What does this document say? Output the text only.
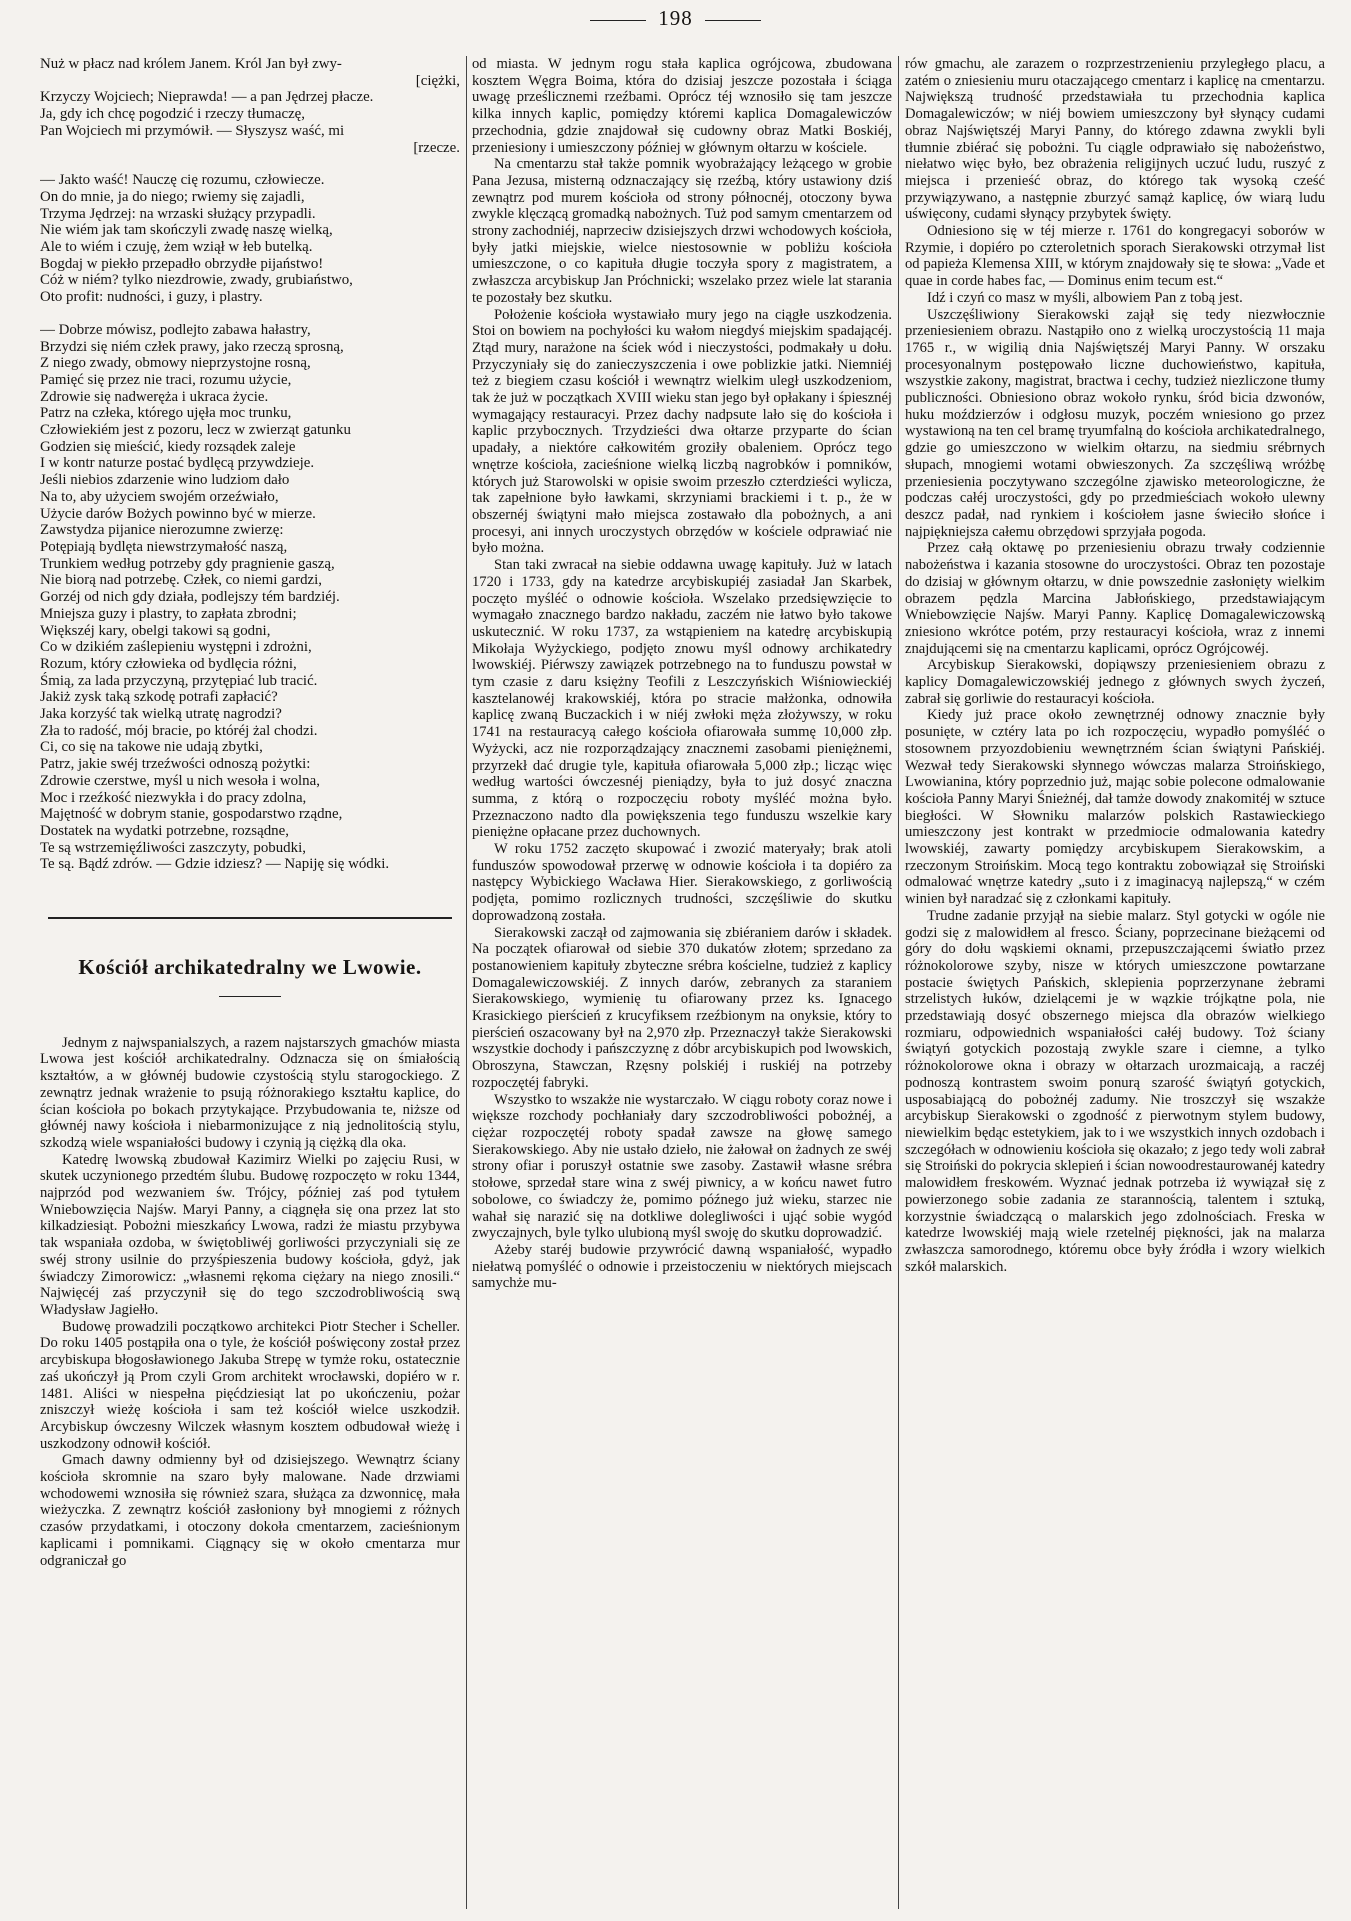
198

Nuż w płacz nad królem Janem. Król Jan był zwy-

[ciężki,

Krzyczy Wojciech; Nieprawda! — a pan Jędrzej płacze.

Ja, gdy ich chcę pogodzić i rzeczy tłumaczę,

Pan Wojciech mi przymówił. — Słyszysz waść, mi

[rzecze.

— Jakto waść! Nauczę cię rozumu, człowiecze.

On do mnie, ja do niego; rwiemy się zajadli,

Trzyma Jędrzej: na wrzaski służący przypadli.

Nie wiém jak tam skończyli zwadę naszę wielką,

Ale to wiém i czuję, żem wziął w łeb butelką.

Bogdaj w piekło przepadło obrzydłe pijaństwo!

Cóż w niém? tylko niezdrowie, zwady, grubiaństwo,

Oto profit: nudności, i guzy, i plastry.

— Dobrze mówisz, podlejto zabawa hałastry,

Brzydzi się niém człek prawy, jako rzeczą sprosną,

Z niego zwady, obmowy nieprzystojne rosną,

Pamięć się przez nie traci, rozumu użycie,

Zdrowie się nadweręża i ukraca życie.

Patrz na człeka, którego ujęła moc trunku,

Człowiekiém jest z pozoru, lecz w zwierząt gatunku

Godzien się mieścić, kiedy rozsądek zaleje

I w kontr naturze postać bydlęcą przywdzieje.

Jeśli niebios zdarzenie wino ludziom dało

Na to, aby użyciem swojém orzeźwiało,

Użycie darów Bożych powinno być w mierze.

Zawstydza pijanice nierozumne zwierzę:

Potępiają bydlęta niewstrzymałość naszą,

Trunkiem według potrzeby gdy pragnienie gaszą,

Nie biorą nad potrzebę. Człek, co niemi gardzi,

Gorzéj od nich gdy działa, podlejszy tém bardziéj.

Mniejsza guzy i plastry, to zapłata zbrodni;

Większéj kary, obelgi takowi są godni,

Co w dzikiém zaślepieniu występni i zdrożni,

Rozum, który człowieka od bydlęcia różni,

Śmią, za lada przyczyną, przytępiać lub tracić.

Jakiż zysk taką szkodę potrafi zapłacić?

Jaka korzyść tak wielką utratę nagrodzi?

Zła to radość, mój bracie, po któréj żal chodzi.

Ci, co się na takowe nie udają zbytki,

Patrz, jakie swéj trzeźwości odnoszą pożytki:

Zdrowie czerstwe, myśl u nich wesoła i wolna,

Moc i rzeźkość niezwykła i do pracy zdolna,

Majętność w dobrym stanie, gospodarstwo rządne,

Dostatek na wydatki potrzebne, rozsądne,

Te są wstrzemięźliwości zaszczyty, pobudki,

Te są. Bądź zdrów. — Gdzie idziesz? — Napiję się wódki.

Kościół archikatedralny we Lwowie.

Jednym z najwspanialszych, a razem najstarszych gmachów miasta Lwowa jest kościół archikatedralny. Odznacza się on śmiałością kształtów, a w głównéj budowie czystością stylu starogockiego. Z zewnątrz jednak wrażenie to psują różnorakiego kształtu kaplice, do ścian kościoła po bokach przytykające. Przybudowania te, niższe od głównéj nawy kościoła i niebarmonizujące z nią jednolitością stylu, szkodzą wiele wspaniałości budowy i czynią ją ciężką dla oka.

Katedrę lwowską zbudował Kazimirz Wielki po zajęciu Rusi, w skutek uczynionego przedtém ślubu. Budowę rozpoczęto w roku 1344, najprzód pod wezwaniem św. Trójcy, później zaś pod tytułem Wniebowzięcia Najśw. Maryi Panny, a ciągnęła się ona przez lat sto kilkadziesiąt. Pobożni mieszkańcy Lwowa, radzi że miastu przybywa tak wspaniała ozdoba, w świętobliwéj gorliwości przyczyniali się ze swéj strony usilnie do przyśpieszenia budowy kościoła, gdyż, jak świadczy Zimorowicz: „własnemi rękoma ciężary na niego znosili.“ Najwięcéj zaś przyczynił się do tego szczodrobliwością swą Władysław Jagiełło.

Budowę prowadzili początkowo architekci Piotr Stecher i Scheller. Do roku 1405 postąpiła ona o tyle, że kościół poświęcony został przez arcybiskupa błogosławionego Jakuba Strepę w tymże roku, ostatecznie zaś ukończył ją Prom czyli Grom architekt wrocławski, dopiéro w r. 1481. Aliści w niespełna pięćdziesiąt lat po ukończeniu, pożar zniszczył wieżę kościoła i sam też kościół wielce uszkodził. Arcybiskup ówczesny Wilczek własnym kosztem odbudował wieżę i uszkodzony odnowił kościół.

Gmach dawny odmienny był od dzisiejszego. Wewnątrz ściany kościoła skromnie na szaro były malowane. Nade drzwiami wchodowemi wznosiła się również szara, służąca za dzwonnicę, mała wieżyczka. Z zewnątrz kościół zasłoniony był mnogiemi z różnych czasów przydatkami, i otoczony dokoła cmentarzem, zacieśnionym kaplicami i pomnikami. Ciągnący się w około cmentarza mur odgraniczał go

od miasta. W jednym rogu stała kaplica ogrójcowa, zbudowana kosztem Węgra Boima, która do dzisiaj jeszcze pozostała i ściąga uwagę prześlicznemi rzeźbami. Oprócz téj wznosiło się tam jeszcze kilka innych kaplic, pomiędzy któremi kaplica Domagalewiczów przechodnia, gdzie znajdował się cudowny obraz Matki Boskiéj, przeniesiony i umieszczony później w głównym ołtarzu w kościele.

Na cmentarzu stał także pomnik wyobrażający leżącego w grobie Pana Jezusa, misterną odznaczający się rzeźbą, który ustawiony dziś zewnątrz pod murem kościoła od strony północnéj, otoczony bywa zwykle klęczącą gromadką nabożnych. Tuż pod samym cmentarzem od strony zachodniéj, naprzeciw dzisiejszych drzwi wchodowych kościoła, były jatki miejskie, wielce niestosownie w pobliżu kościoła umieszczone, o co kapituła długie toczyła spory z magistratem, a zwłaszcza arcybiskup Jan Próchnicki; wszelako przez wiele lat starania te pozostały bez skutku.

Położenie kościoła wystawiało mury jego na ciągłe uszkodzenia. Stoi on bowiem na pochyłości ku wałom niegdyś miejskim spadającéj. Ztąd mury, narażone na ściek wód i nieczystości, podmakały u dołu. Przyczyniały się do zanieczyszczenia i owe poblizkie jatki. Niemniéj też z biegiem czasu kościół i wewnątrz wielkim uległ uszkodzeniom, tak że już w początkach XVIII wieku stan jego był opłakany i śpiesznéj wymagający restauracyi. Przez dachy nadpsute lało się do kościoła i kaplic przybocznych. Trzydzieści dwa ołtarze przyparte do ścian upadały, a niektóre całkowitém groziły obaleniem. Oprócz tego wnętrze kościoła, zacieśnione wielką liczbą nagrobków i pomników, których już Starowolski w opisie swoim przeszło czterdzieści wylicza, tak zapełnione było ławkami, skrzyniami brackiemi i t. p., że w obszernéj świątyni mało miejsca zostawało dla pobożnych, a ani procesyi, ani innych uroczystych obrzędów w kościele odprawiać nie było można.

Stan taki zwracał na siebie oddawna uwagę kapituły. Już w latach 1720 i 1733, gdy na katedrze arcybiskupiéj zasiadał Jan Skarbek, poczęto myśléć o odnowie kościoła. Wszelako przedsięwzięcie to wymagało znacznego bardzo nakładu, zaczém nie łatwo było takowe uskutecznić. W roku 1737, za wstąpieniem na katedrę arcybiskupią Mikołaja Wyżyckiego, podjęto znowu myśl odnowy archikatedry lwowskiéj. Piérwszy zawiązek potrzebnego na to funduszu powstał w tym czasie z daru księżny Teofili z Leszczyńskich Wiśniowieckiéj kasztelanowéj krakowskiéj, która po stracie małżonka, odnowiła kaplicę zwaną Buczackich i w niéj zwłoki męża złożywszy, w roku 1741 na restauracyą całego kościoła ofiarowała summę 10,000 złp. Wyżycki, acz nie rozporządzający znacznemi zasobami pieniężnemi, przyrzekł dać drugie tyle, kapituła ofiarowała 5,000 złp.; licząc więc według wartości ówczesnéj pieniądzy, była to już dosyć znaczna summa, z którą o rozpoczęciu roboty myśléć można było. Przeznaczono nadto dla powiększenia tego funduszu wszelkie kary pieniężne opłacane przez duchownych.

W roku 1752 zaczęto skupować i zwozić materyały; brak atoli funduszów spowodował przerwę w odnowie kościoła i ta dopiéro za następcy Wybickiego Wacława Hier. Sierakowskiego, z gorliwością podjęta, pomimo rozlicznych trudności, szczęśliwie do skutku doprowadzoną została.

Sierakowski zaczął od zajmowania się zbiéraniem darów i składek. Na początek ofiarował od siebie 370 dukatów złotem; sprzedano za postanowieniem kapituły zbyteczne srébra kościelne, tudzież z kaplicy Domagalewiczowskiéj. Z innych darów, zebranych za staraniem Sierakowskiego, wymienię tu ofiarowany przez ks. Ignacego Krasickiego pierścień z krucyfiksem rzeźbionym na onyksie, który to pierścień oszacowany był na 2,970 złp. Przeznaczył także Sierakowski wszystkie dochody i pańszczyznę z dóbr arcybiskupich pod lwowskich, Obroszyna, Stawczan, Rzęsny polskiéj i ruskiéj na potrzeby rozpoczętéj fabryki.

Wszystko to wszakże nie wystarczało. W ciągu roboty coraz nowe i większe rozchody pochłaniały dary szczodrobliwości pobożnéj, a ciężar rozpoczętéj roboty spadał zawsze na głowę samego Sierakowskiego. Aby nie ustało dzieło, nie żałował on żadnych ze swéj strony ofiar i poruszył ostatnie swe zasoby. Zastawił własne srébra stołowe, sprzedał stare wina z swéj piwnicy, a w końcu nawet futro sobolowe, co świadczy że, pomimo późnego już wieku, starzec nie wahał się narazić się na dotkliwe dolegliwości i ująć sobie wygód zwyczajnych, byle tylko ulubioną myśl swoję do skutku doprowadzić.

Ażeby staréj budowie przywrócić dawną wspaniałość, wypadło niełatwą pomyśléć o odnowie i przeistoczeniu w niektórych miejscach samychże mu-

rów gmachu, ale zarazem o rozprzestrzenieniu przyległego placu, a zatém o zniesieniu muru otaczającego cmentarz i kaplicę na cmentarzu. Największą trudność przedstawiała tu przechodnia kaplica Domagalewiczów; w niéj bowiem umieszczony był słynący cudami obraz Najświętszéj Maryi Panny, do którego zdawna zwykli byli tłumnie zbiérać się pobożni. Tu ciągle odprawiało się nabożeństwo, niełatwo więc było, bez obrażenia religijnych uczuć ludu, ruszyć z miejsca i przenieść obraz, do którego tak wysoką cześć przywiązywano, a następnie zburzyć samąż kaplicę, ów wiarą ludu uświęcony, cudami słynący przybytek święty.

Odniesiono się w téj mierze r. 1761 do kongregacyi soborów w Rzymie, i dopiéro po czteroletnich sporach Sierakowski otrzymał list od papieża Klemensa XIII, w którym znajdowały się te słowa: „Vade et quae in corde habes fac, — Dominus enim tecum est.“

Idź i czyń co masz w myśli, albowiem Pan z tobą jest.

Uszczęśliwiony Sierakowski zajął się tedy niezwłocznie przeniesieniem obrazu. Nastąpiło ono z wielką uroczystością 11 maja 1765 r., w wigilią dnia Najświętszéj Maryi Panny. W orszaku procesyonalnym postępowało liczne duchowieństwo, kapituła, wszystkie zakony, magistrat, bractwa i cechy, tudzież niezliczone tłumy publiczności. Obniesiono obraz wokoło rynku, śród bicia dzwonów, huku moździerzów i odgłosu muzyk, poczém wniesiono go przez wystawioną na ten cel bramę tryumfalną do kościoła archikatedralnego, gdzie go umieszczono w wielkim ołtarzu, na siedmiu srébrnych słupach, mnogiemi wotami obwieszonych. Za szczęśliwą wróżbę przeniesienia poczytywano szczególne zjawisko meteorologiczne, że podczas całéj uroczystości, gdy po przedmieściach wokoło ulewny deszcz padał, nad rynkiem i kościołem jasne świeciło słońce i najpiękniejsza całemu obrzędowi sprzyjała pogoda.

Przez całą oktawę po przeniesieniu obrazu trwały codziennie nabożeństwa i kazania stosowne do uroczystości. Obraz ten pozostaje do dzisiaj w głównym ołtarzu, w dnie powszednie zasłonięty wielkim obrazem pędzla Marcina Jabłońskiego, przedstawiającym Wniebowzięcie Najśw. Maryi Panny. Kaplicę Domagalewiczowską zniesiono wkrótce potém, przy restauracyi kościoła, wraz z innemi znajdującemi się na cmentarzu kaplicami, oprócz Ogrójcowéj.

Arcybiskup Sierakowski, dopiąwszy przeniesieniem obrazu z kaplicy Domagalewiczowskiéj jednego z głównych swych życzeń, zabrał się gorliwie do restauracyi kościoła.

Kiedy już prace około zewnętrznéj odnowy znacznie były posunięte, w cztéry lata po ich rozpoczęciu, wypadło pomyśléć o stosownem przyozdobieniu wewnętrzném ścian świątyni Pańskiéj. Wezwał tedy Sierakowski słynnego wówczas malarza Stroińskiego, Lwowianina, który poprzednio już, mając sobie polecone odmalowanie kościoła Panny Maryi Śnieżnéj, dał tamże dowody znakomitéj w sztuce biegłości. W Słowniku malarzów polskich Rastawieckiego umieszczony jest kontrakt w przedmiocie odmalowania katedry lwowskiéj, zawarty pomiędzy arcybiskupem Sierakowskim, a rzeczonym Stroińskim. Mocą tego kontraktu zobowiązał się Stroiński odmalować wnętrze katedry „suto i z imaginacyą najlepszą,“ w czém winien był naradzać się z członkami kapituły.

Trudne zadanie przyjął na siebie malarz. Styl gotycki w ogóle nie godzi się z malowidłem al fresco. Ściany, poprzecinane bieżącemi od góry do dołu wąskiemi oknami, przepuszczającemi światło przez różnokolorowe szyby, nisze w których umieszczone powtarzane postacie świętych Pańskich, sklepienia poprzerzynane żebrami strzelistych łuków, dzielącemi je w wązkie trójkątne pola, nie przedstawiają dosyć obszernego miejsca dla obrazów wielkiego rozmiaru, odpowiednich wspaniałości całéj budowy. Toż ściany świątyń gotyckich pozostają zwykle szare i ciemne, a tylko różnokolorowe okna i obrazy w ołtarzach urozmaicają, a raczéj podnoszą kontrastem swoim ponurą szarość świątyń gotyckich, usposabiającą do pobożnéj zadumy. Nie troszczył się wszakże arcybiskup Sierakowski o zgodność z pierwotnym stylem budowy, niewielkim będąc estetykiem, jak to i we wszystkich innych ozdobach i szczegółach w odnowieniu kościoła się okazało; z jego tedy woli zabrał się Stroiński do pokrycia sklepień i ścian nowoodrestaurowanéj katedry malowidłem freskowém. Wyznać jednak potrzeba iż wywiązał się z powierzonego sobie zadania ze starannością, talentem i sztuką, korzystnie świadczącą o malarskich jego zdolnościach. Freska w katedrze lwowskiéj mają wiele rzetelnéj piękności, jak na malarza zwłaszcza samorodnego, któremu obce były źródła i wzory wielkich szkół malarskich.
